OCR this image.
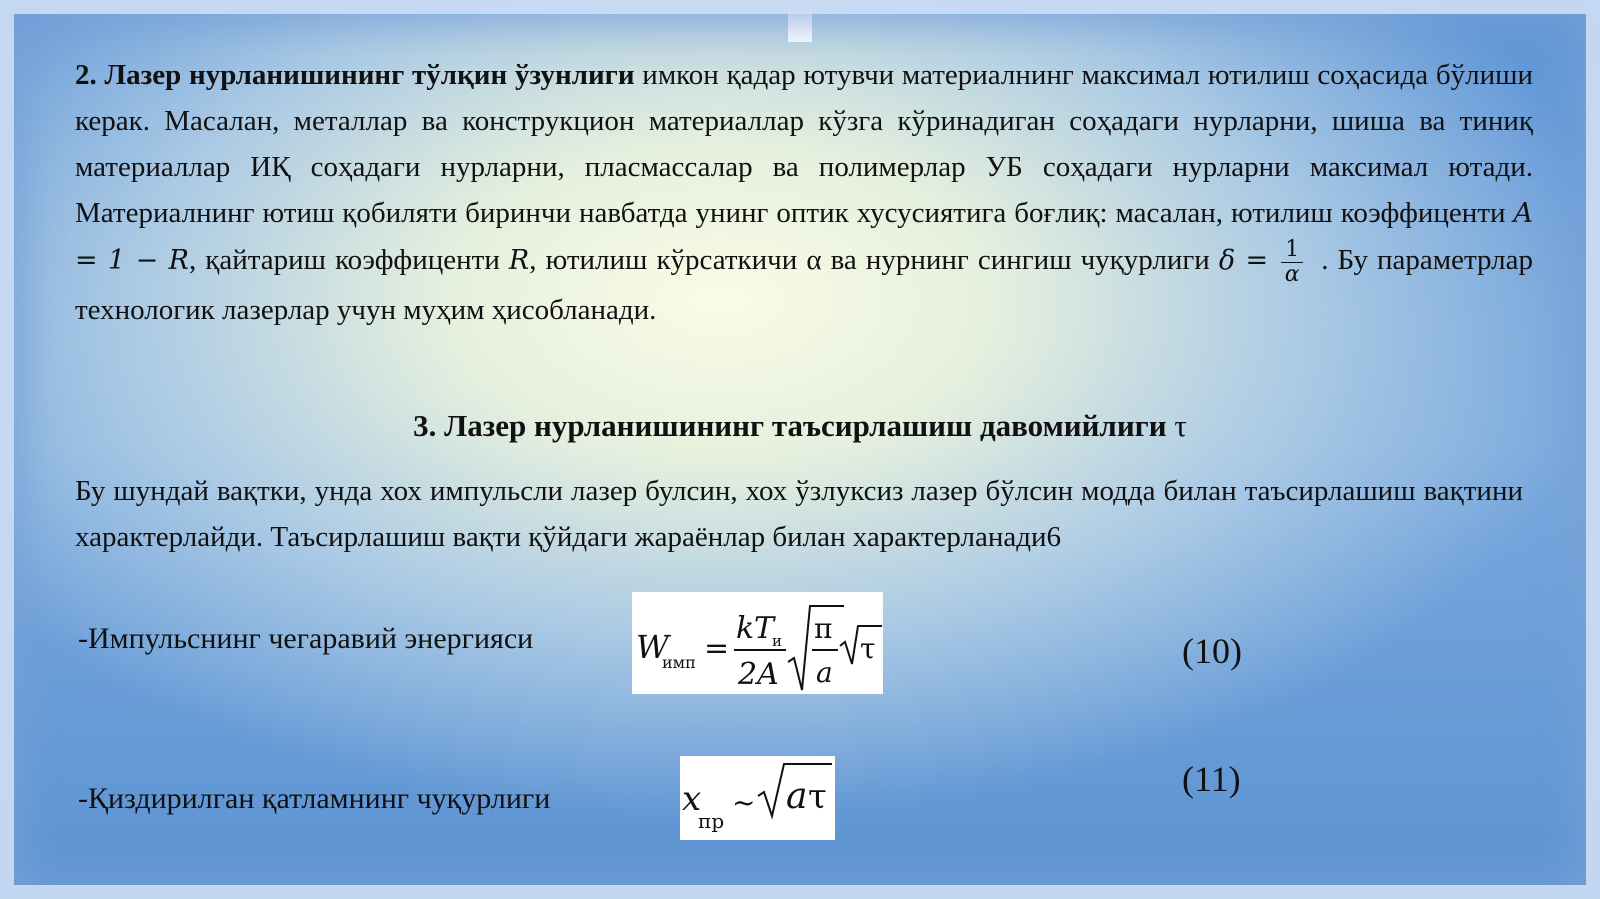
2. Лазер нурланишининг тўлқин ўзунлиги имкон қадар ютувчи материалнинг максимал ютилиш соҳасида бўлиши керак. Масалан, металлар ва конструкцион материаллар кўзга кўринадиган соҳадаги нурларни, шиша ва тиниқ материаллар ИҚ соҳадаги нурларни, пласмассалар ва полимерлар УБ соҳадаги нурларни максимал ютади. Материалнинг ютиш қобиляти биринчи навбатда унинг оптик хусусиятига боғлиқ: масалан, ютилиш коэффиценти A = 1 − R, қайтариш коэффиценти R, ютилиш кўрсаткичи α ва нурнинг сингиш чуқурлиги $\delta = \frac{1}{\alpha}$ . Бу параметрлар технологик лазерлар учун муҳим ҳисобланади.
3. Лазер нурланишининг таъсирлашиш давомийлиги τ
Бу шундай вақтки, унда хох импульсли лазер булсин, хох ўзлуксиз лазер бўлсин модда билан таъсирлашиш вақтини характерлайди. Таъсирлашиш вақти қўйдаги жараёнлар билан характерланади6
-Импульснинг чегаравий энергияси	(10)
W
имп =
k T
и
2A
π
a
τ
-Қиздирилган қатламнинг чуқурлиги	(11)
x
пр
~ a τ
